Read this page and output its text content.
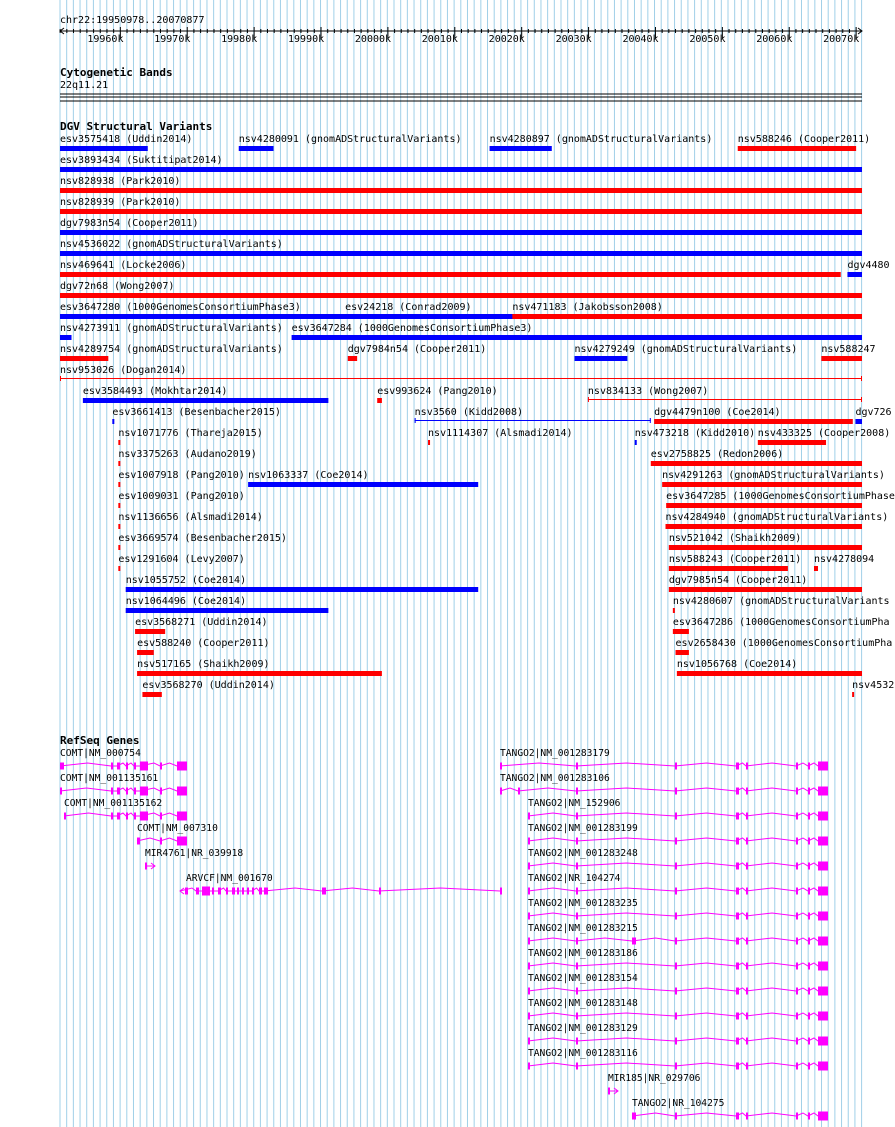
chr22:19950978..20070877
19960k	19970k	19980k	19990k	20000k	20010k	20020k	20030k	20040k	20050k	20060k	20070k
Cytogenetic Bands
22q11.21
DGV Structural Variants
esv3575418 (Uddin2014)	nsv4280091 (gnomADStructuralVariants)	nsv4280897 (gnomADStructuralVariants)	nsv588246 (Cooper2011)
esv3893434 (Suktitipat2014)
nsv828938 (Park2010)
nsv828939 (Park2010)
dgv7983n54 (Cooper2011)
nsv4536022 (gnomADStructuralVariants)
nsv469641 (Locke2006)	dgv4480
dgv72n68 (Wong2007)
esv3647280 (1000GenomesConsortiumPhase3)	esv24218 (Conrad2009)	nsv471183 (Jakobsson2008)
nsv4273911 (gnomADStructuralVariants) esv3647284 (1000GenomesConsortiumPhase3)
nsv4289754 (gnomADStructuralVariants)	dgv7984n54 (Cooper2011)	nsv4279249 (gnomADStructuralVariants) nsv588247
nsv953026 (Dogan2014)
esv3584493 (Mokhtar2014)	esv993624 (Pang2010)	nsv834133 (Wong2007)
esv3661413 (Besenbacher2015)	nsv3560 (Kidd2008)	dgv4479n100 (Coe2014)	dgv726
nsv1071776 (Thareja2015)	nsv1114307 (Alsmadi2014)	nsv473218 (Kidd2010) nsv433325 (Cooper2008)
nsv3375263 (Audano2019)	esv2758825 (Redon2006)
esv1007918 (Pang2010) nsv1063337 (Coe2014)	nsv4291263 (gnomADStructuralVariants)
esv1009031 (Pang2010)	esv3647285 (1000GenomesConsortiumPhase
nsv1136656 (Alsmadi2014)	nsv4284940 (gnomADStructuralVariants)
esv3669574 (Besenbacher2015)	nsv521042 (Shaikh2009)
esv1291604 (Levy2007)	nsv588243 (Cooper2011) nsv4278094
nsv1055752 (Coe2014)	dgv7985n54 (Cooper2011)
nsv1064496 (Coe2014)	nsv4280607 (gnomADStructuralVariants
esv3568271 (Uddin2014)	esv3647286 (1000GenomesConsortiumPha
esv588240 (Cooper2011)	esv2658430 (1000GenomesConsortiumPha
nsv517165 (Shaikh2009)	nsv1056768 (Coe2014)
esv3568270 (Uddin2014)	nsv4532
RefSeq Genes
COMT|NM_000754
COMT|NM_001135161
COMT|NM_001135162
COMT|NM_007310
MIR4761|NR_039918
ARVCF|NM_001670
TANGO2|NM_001283179
TANGO2|NM_001283106
TANGO2|NM_152906
TANGO2|NM_001283199
TANGO2|NM_001283248
TANGO2|NR_104274
TANGO2|NM_001283235
TANGO2|NM_001283215
TANGO2|NM_001283186
TANGO2|NM_001283154
TANGO2|NM_001283148
TANGO2|NM_001283129
TANGO2|NM_001283116
MIR185|NR_029706
TANGO2|NR_104275
